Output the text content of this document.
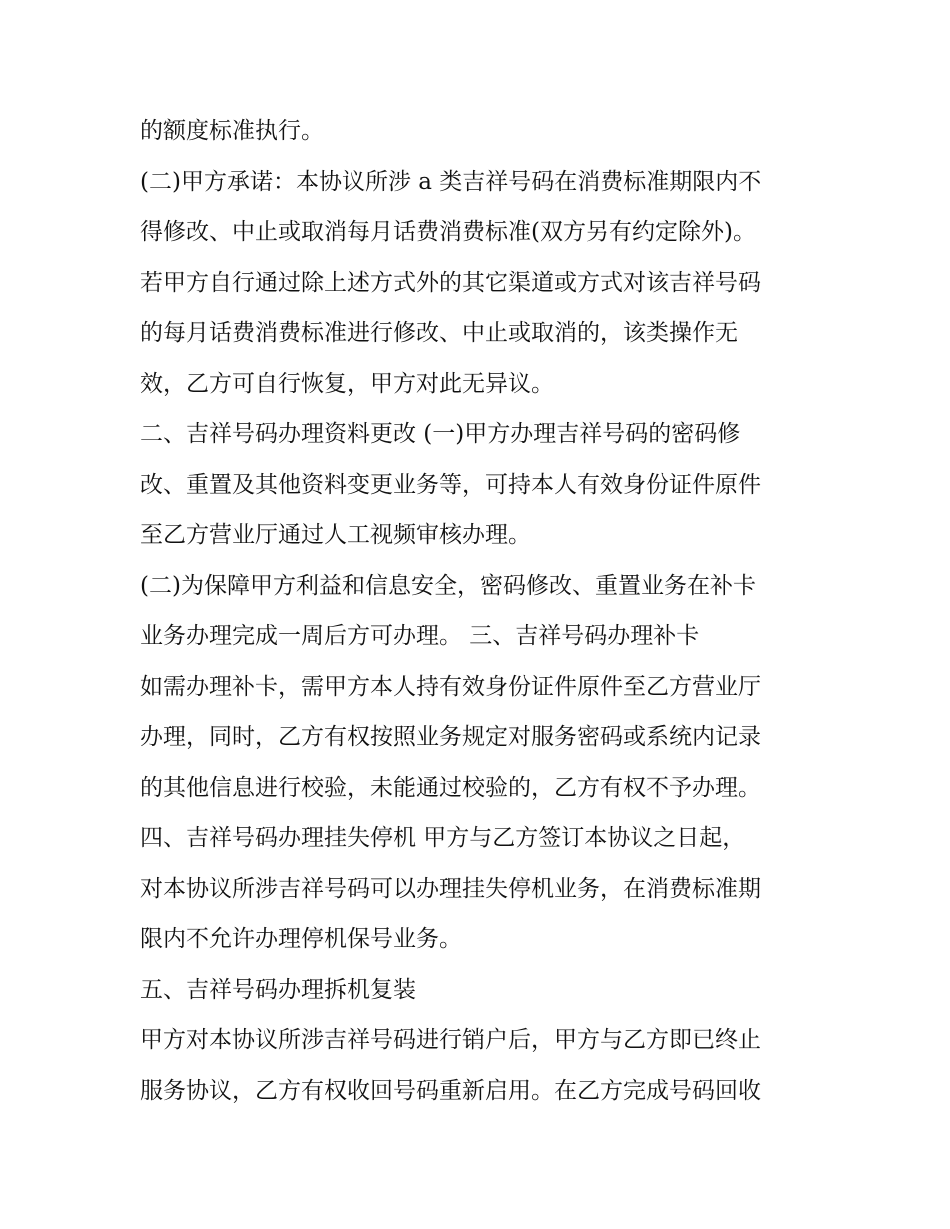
的额度标准执行。
(二)甲方承诺：本协议所涉 a 类吉祥号码在消费标准期限内不
得修改、中止或取消每月话费消费标准(双方另有约定除外)。
若甲方自行通过除上述方式外的其它渠道或方式对该吉祥号码
的每月话费消费标准进行修改、中止或取消的，该类操作无
效，乙方可自行恢复，甲方对此无异议。
二、吉祥号码办理资料更改 (一)甲方办理吉祥号码的密码修
改、重置及其他资料变更业务等，可持本人有效身份证件原件
至乙方营业厅通过人工视频审核办理。
(二)为保障甲方利益和信息安全，密码修改、重置业务在补卡
业务办理完成一周后方可办理。 三、吉祥号码办理补卡
如需办理补卡，需甲方本人持有效身份证件原件至乙方营业厅
办理，同时，乙方有权按照业务规定对服务密码或系统内记录
的其他信息进行校验，未能通过校验的，乙方有权不予办理。
四、吉祥号码办理挂失停机 甲方与乙方签订本协议之日起，
对本协议所涉吉祥号码可以办理挂失停机业务，在消费标准期
限内不允许办理停机保号业务。
五、吉祥号码办理拆机复装
甲方对本协议所涉吉祥号码进行销户后，甲方与乙方即已终止
服务协议，乙方有权收回号码重新启用。在乙方完成号码回收
